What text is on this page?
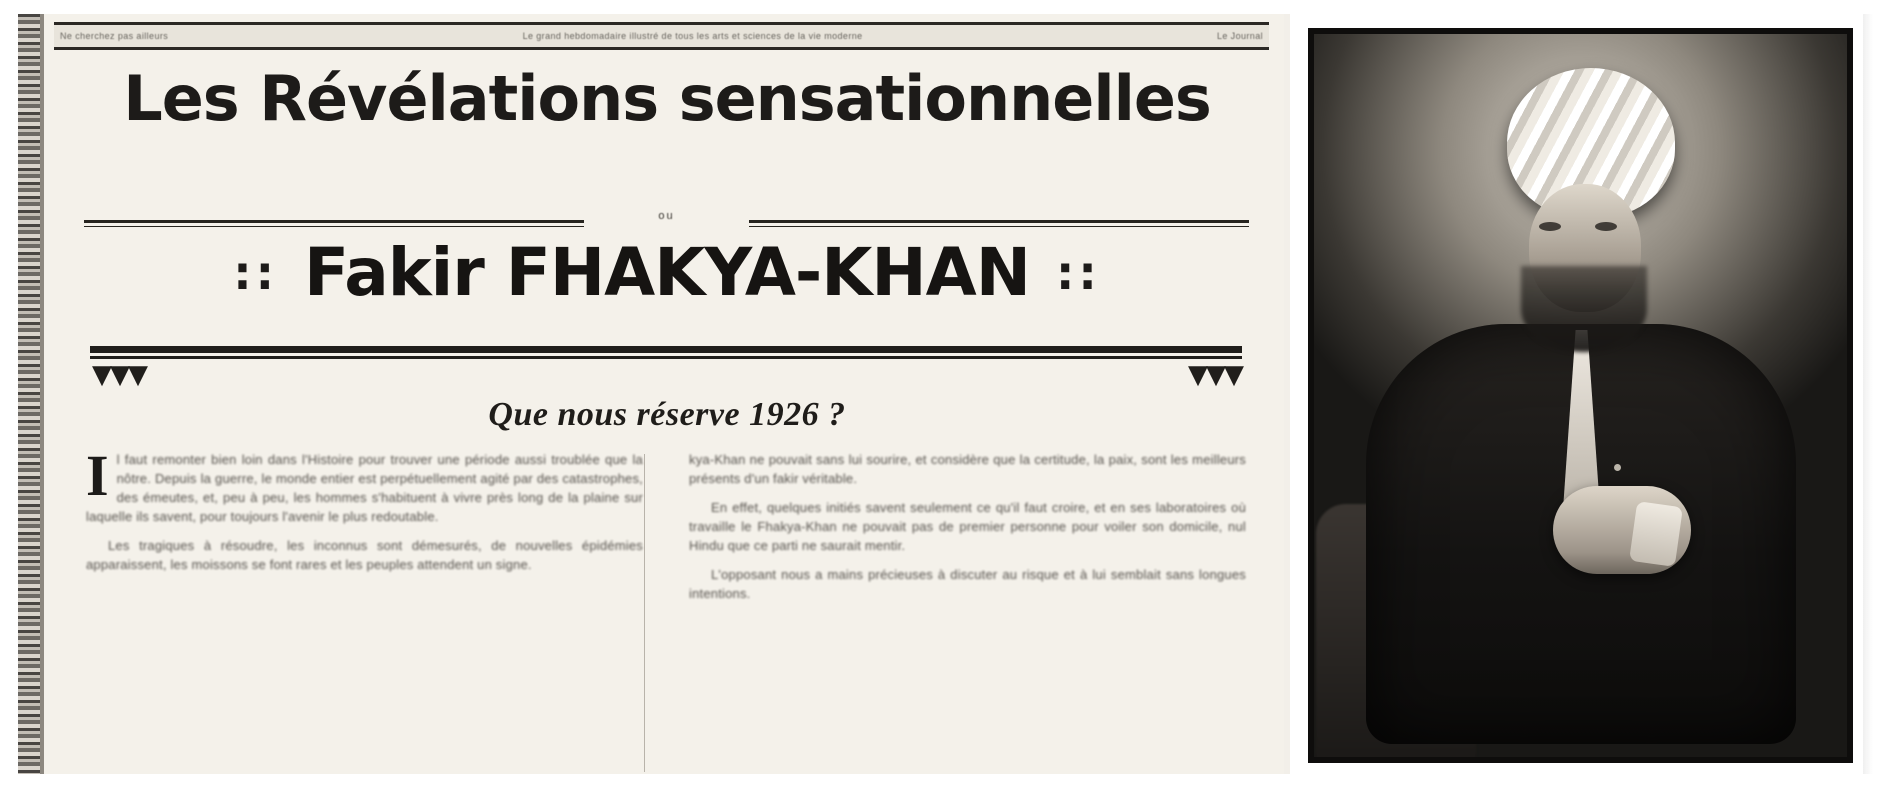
Ne cherchez pas ailleurs	Le grand hebdomadaire illustré de tous les arts et sciences de la vie moderne	Le Journal
Les Révélations sensationnelles
ou
:: Fakir FHAKYA-KHAN ::
▼▼▼	▼▼▼
Que nous réserve 1926 ?
I l faut remonter bien loin dans l'Histoire pour trouver une période aussi troublée que la nôtre. Depuis la guerre, le monde entier est perpétuellement agité par des catastrophes, des émeutes, et, peu à peu, les hommes s'habituent à vivre près long de la plaine sur laquelle ils savent, pour toujours l'avenir le plus redoutable.

Les tragiques à résoudre, les inconnus sont démesurés, de nouvelles épidémies apparaissent, les moissons se font rares et les peuples attendent un signe.

kya-Khan ne pouvait sans lui sourire, et considère que la certitude, la paix, sont les meilleurs présents d'un fakir véritable.

En effet, quelques initiés savent seulement ce qu'il faut croire, et en ses laboratoires où travaille le Fhakya-Khan ne pouvait pas de premier personne pour voiler son domicile, nul Hindu que ce parti ne saurait mentir.

L'opposant nous a mains précieuses à discuter au risque et à lui semblait sans longues intentions.
